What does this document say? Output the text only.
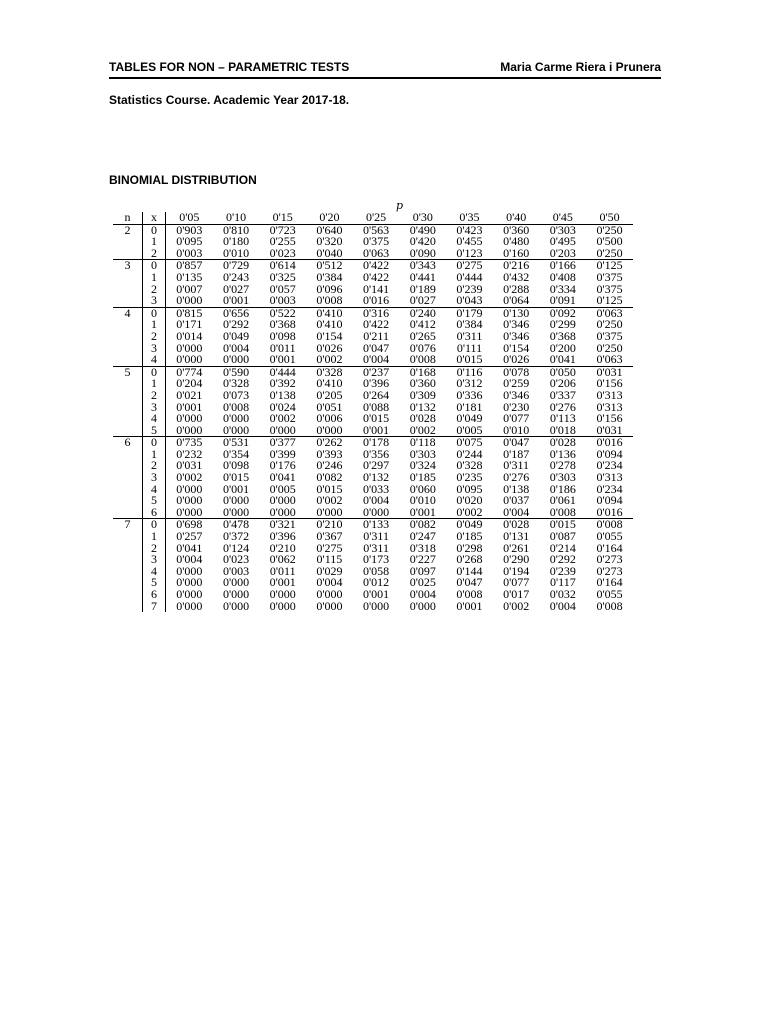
TABLES FOR NON – PARAMETRIC TESTS	Maria Carme Riera i Prunera
Statistics Course. Academic Year 2017-18.
BINOMIAL DISTRIBUTION
p
n	x	0'05	0'10	0'15	0'20	0'25	0'30	0'35	0'40	0'45	0'50
2	0	0'903	0'810	0'723	0'640	0'563	0'490	0'423	0'360	0'303	0'250
	1	0'095	0'180	0'255	0'320	0'375	0'420	0'455	0'480	0'495	0'500
	2	0'003	0'010	0'023	0'040	0'063	0'090	0'123	0'160	0'203	0'250
3	0	0'857	0'729	0'614	0'512	0'422	0'343	0'275	0'216	0'166	0'125
	1	0'135	0'243	0'325	0'384	0'422	0'441	0'444	0'432	0'408	0'375
	2	0'007	0'027	0'057	0'096	0'141	0'189	0'239	0'288	0'334	0'375
	3	0'000	0'001	0'003	0'008	0'016	0'027	0'043	0'064	0'091	0'125
4	0	0'815	0'656	0'522	0'410	0'316	0'240	0'179	0'130	0'092	0'063
	1	0'171	0'292	0'368	0'410	0'422	0'412	0'384	0'346	0'299	0'250
	2	0'014	0'049	0'098	0'154	0'211	0'265	0'311	0'346	0'368	0'375
	3	0'000	0'004	0'011	0'026	0'047	0'076	0'111	0'154	0'200	0'250
	4	0'000	0'000	0'001	0'002	0'004	0'008	0'015	0'026	0'041	0'063
5	0	0'774	0'590	0'444	0'328	0'237	0'168	0'116	0'078	0'050	0'031
	1	0'204	0'328	0'392	0'410	0'396	0'360	0'312	0'259	0'206	0'156
	2	0'021	0'073	0'138	0'205	0'264	0'309	0'336	0'346	0'337	0'313
	3	0'001	0'008	0'024	0'051	0'088	0'132	0'181	0'230	0'276	0'313
	4	0'000	0'000	0'002	0'006	0'015	0'028	0'049	0'077	0'113	0'156
	5	0'000	0'000	0'000	0'000	0'001	0'002	0'005	0'010	0'018	0'031
6	0	0'735	0'531	0'377	0'262	0'178	0'118	0'075	0'047	0'028	0'016
	1	0'232	0'354	0'399	0'393	0'356	0'303	0'244	0'187	0'136	0'094
	2	0'031	0'098	0'176	0'246	0'297	0'324	0'328	0'311	0'278	0'234
	3	0'002	0'015	0'041	0'082	0'132	0'185	0'235	0'276	0'303	0'313
	4	0'000	0'001	0'005	0'015	0'033	0'060	0'095	0'138	0'186	0'234
	5	0'000	0'000	0'000	0'002	0'004	0'010	0'020	0'037	0'061	0'094
	6	0'000	0'000	0'000	0'000	0'000	0'001	0'002	0'004	0'008	0'016
7	0	0'698	0'478	0'321	0'210	0'133	0'082	0'049	0'028	0'015	0'008
	1	0'257	0'372	0'396	0'367	0'311	0'247	0'185	0'131	0'087	0'055
	2	0'041	0'124	0'210	0'275	0'311	0'318	0'298	0'261	0'214	0'164
	3	0'004	0'023	0'062	0'115	0'173	0'227	0'268	0'290	0'292	0'273
	4	0'000	0'003	0'011	0'029	0'058	0'097	0'144	0'194	0'239	0'273
	5	0'000	0'000	0'001	0'004	0'012	0'025	0'047	0'077	0'117	0'164
	6	0'000	0'000	0'000	0'000	0'001	0'004	0'008	0'017	0'032	0'055
	7	0'000	0'000	0'000	0'000	0'000	0'000	0'001	0'002	0'004	0'008
